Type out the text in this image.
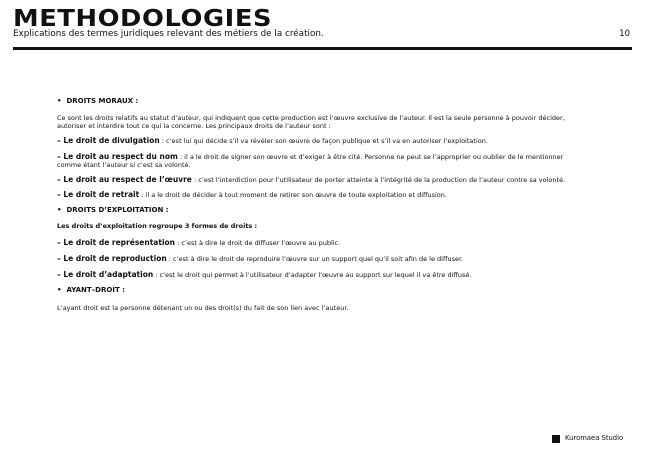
METHODOLOGIES
Explications des termes juridiques relevant des métiers de la création.	10

• DROITS MORAUX :

Ce sont les droits relatifs au statut d’auteur, qui indiquent que cette production est l’œuvre exclusive de l’auteur. Il est la seule personne à pouvoir décider, autoriser et interdire tout ce qui la concerne. Les principaux droits de l’auteur sont :

– Le droit de divulgation : c’est lui qui décide s’il va révéler son œuvre de façon publique et s’il va en autoriser l’exploitation.

– Le droit au respect du nom : il a le droit de signer son œuvre et d’exiger à être cité. Personne ne peut se l’approprier ou oublier de le mentionner comme étant l’auteur si c’est sa volonté.

– Le droit au respect de l’œuvre : c’est l’interdiction pour l’utilisateur de porter atteinte à l’intégrité de la production de l’auteur contre sa volonté.

– Le droit de retrait : il a le droit de décider à tout moment de retirer son œuvre de toute exploitation et diffusion.

• DROITS D’EXPLOITATION :

Les droits d’exploitation regroupe 3 formes de droits :

– Le droit de représentation : c’est à dire le droit de diffuser l’œuvre au public.

– Le droit de reproduction : c’est à dire le droit de reproduire l’œuvre sur un support quel qu’il soit afin de le diffuser.

– Le droit d’adaptation : c’est le droit qui permet à l’utilisateur d’adapter l’œuvre au support sur lequel il va être diffusé.

• AYANT–DROIT :

L’ayant droit est la personne détenant un ou des droit(s) du fait de son lien avec l’auteur.

Kuromaea Studio
